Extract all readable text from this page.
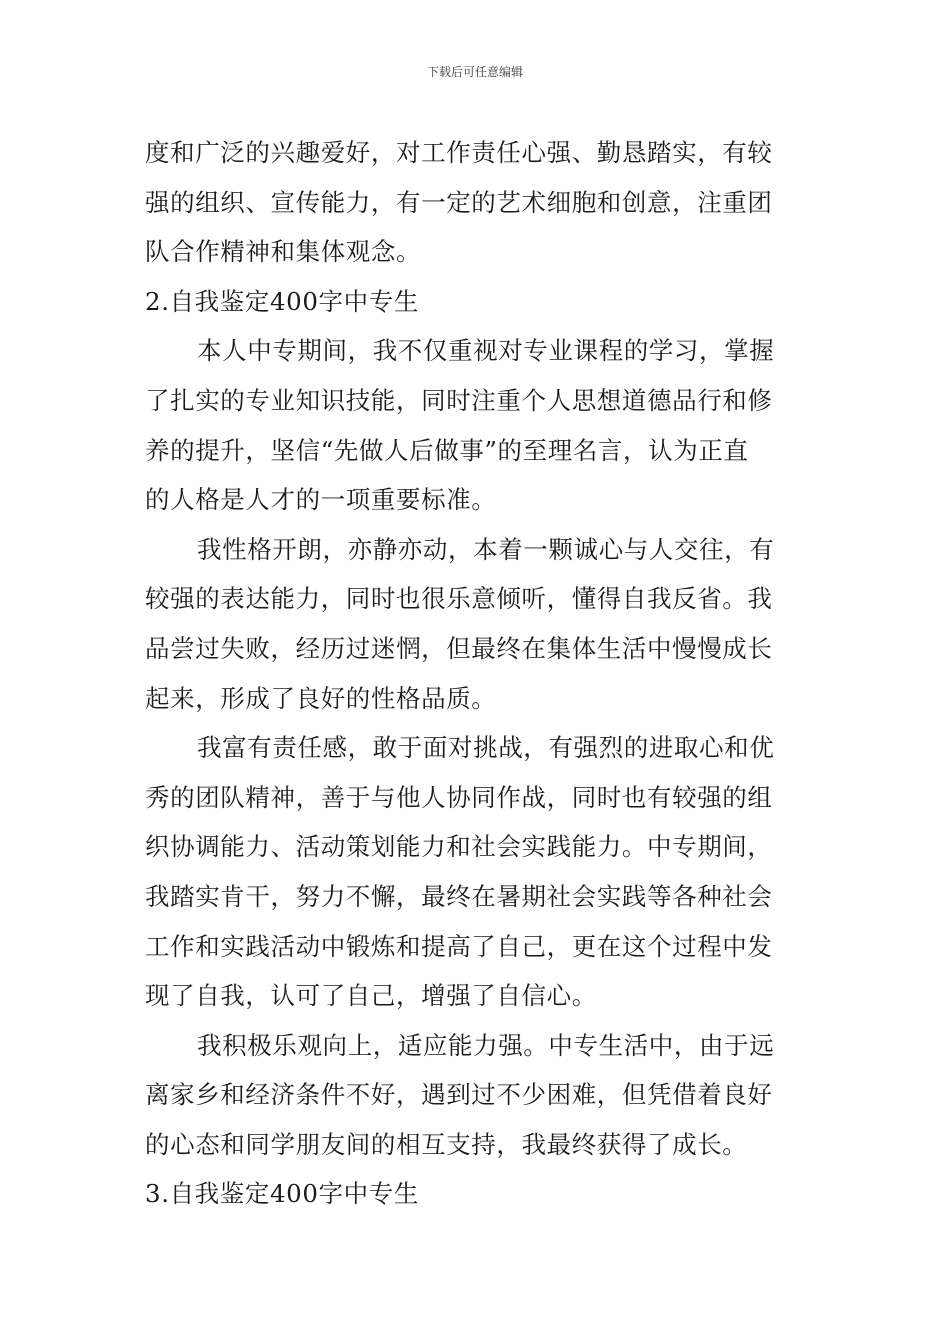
下载后可任意编辑
度和广泛的兴趣爱好，对工作责任心强、勤恳踏实，有较
强的组织、宣传能力，有一定的艺术细胞和创意，注重团
队合作精神和集体观念。
2.自我鉴定400字中专生
本人中专期间，我不仅重视对专业课程的学习，掌握
了扎实的专业知识技能，同时注重个人思想道德品行和修
养的提升，坚信“先做人后做事”的至理名言，认为正直
的人格是人才的一项重要标准。
我性格开朗，亦静亦动，本着一颗诚心与人交往，有
较强的表达能力，同时也很乐意倾听，懂得自我反省。我
品尝过失败，经历过迷惘，但最终在集体生活中慢慢成长
起来，形成了良好的性格品质。
我富有责任感，敢于面对挑战，有强烈的进取心和优
秀的团队精神，善于与他人协同作战，同时也有较强的组
织协调能力、活动策划能力和社会实践能力。中专期间，
我踏实肯干，努力不懈，最终在暑期社会实践等各种社会
工作和实践活动中锻炼和提高了自己，更在这个过程中发
现了自我，认可了自己，增强了自信心。
我积极乐观向上，适应能力强。中专生活中，由于远
离家乡和经济条件不好，遇到过不少困难，但凭借着良好
的心态和同学朋友间的相互支持，我最终获得了成长。
3.自我鉴定400字中专生
